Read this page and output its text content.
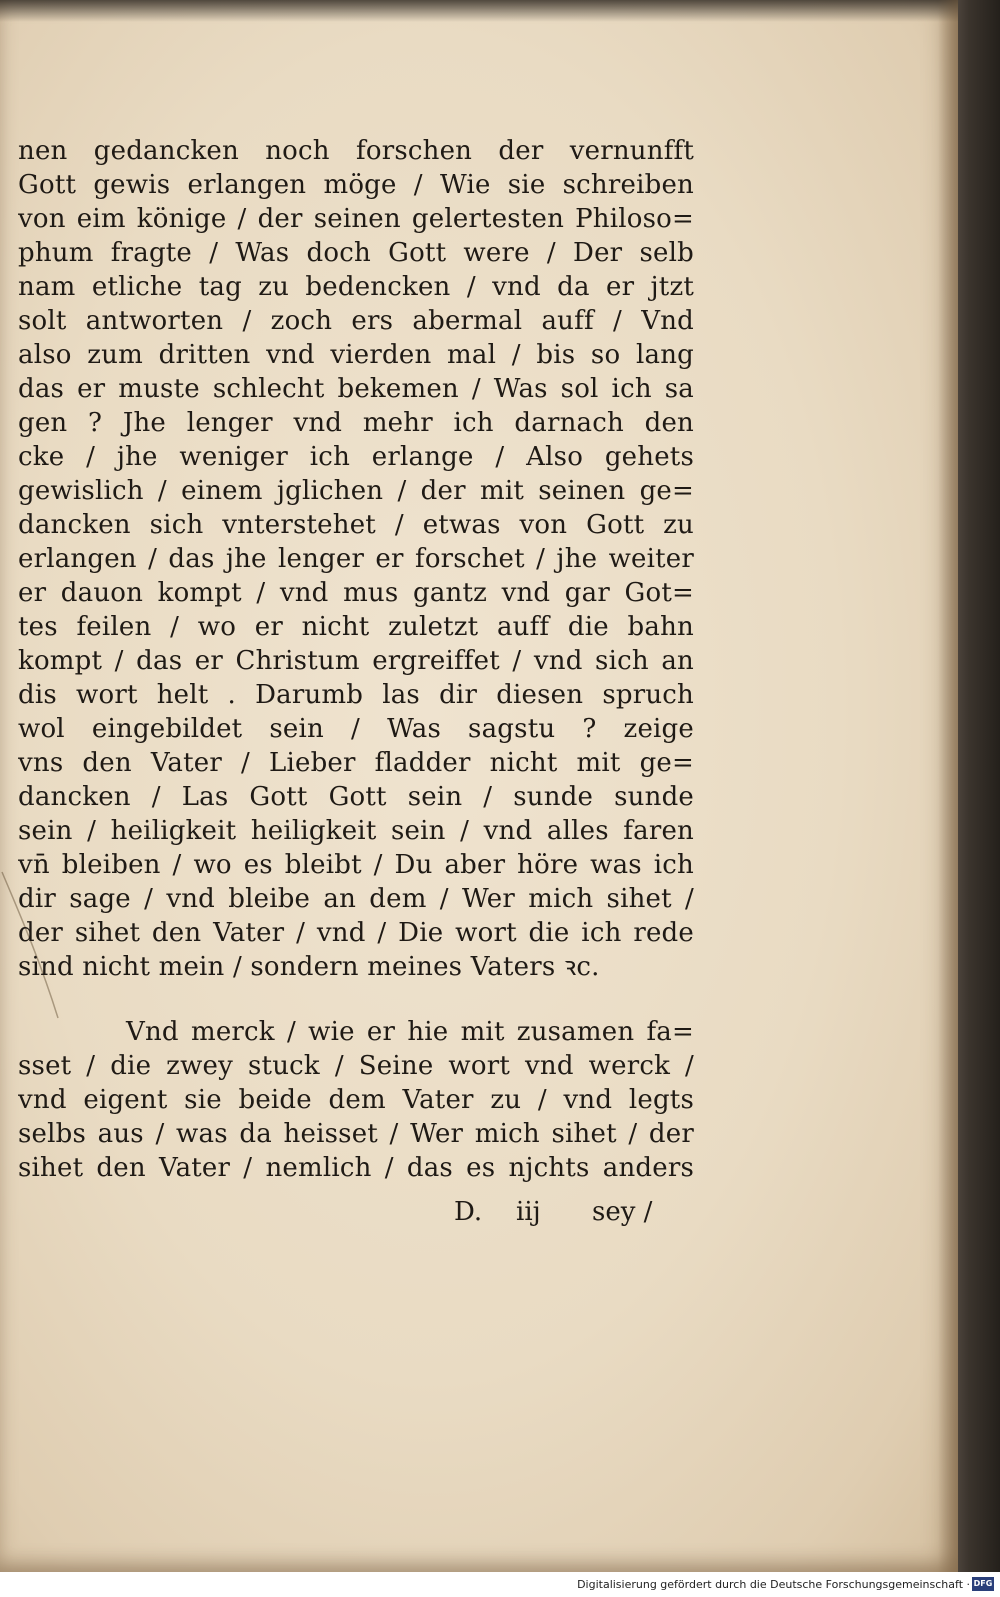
nen gedancken noch forschen der vernunfft
Gott gewis erlangen möge / Wie sie schreiben
von eim könige / der seinen gelertesten Philoso=
phum fragte / Was doch Gott were / Der selb
nam etliche tag zu bedencken / vnd da er jtzt
solt antworten / zoch ers abermal auff / Vnd
also zum dritten vnd vierden mal / bis so lang
das er muste schlecht bekemen / Was sol ich sa
gen ? Jhe lenger vnd mehr ich darnach den
cke / jhe weniger ich erlange / Also gehets
gewislich / einem jglichen / der mit seinen ge=
dancken sich vnterstehet / etwas von Gott zu
erlangen / das jhe lenger er forschet / jhe weiter
er dauon kompt / vnd mus gantz vnd gar Got=
tes feilen / wo er nicht zuletzt auff die bahn
kompt / das er Christum ergreiffet / vnd sich an
dis wort helt . Darumb las dir diesen spruch
wol eingebildet sein / Was sagstu ? zeige
vns den Vater / Lieber fladder nicht mit ge=
dancken / Las Gott Gott sein / sunde sunde
sein / heiligkeit heiligkeit sein / vnd alles faren
vn̄ bleiben / wo es bleibt / Du aber höre was ich
dir sage / vnd bleibe an dem / Wer mich sihet /
der sihet den Vater / vnd / Die wort die ich rede
sind nicht mein / sondern meines Vaters ꝛc.
Vnd merck / wie er hie mit zusamen fa=
sset / die zwey stuck / Seine wort vnd werck /
vnd eigent sie beide dem Vater zu / vnd legts
selbs aus / was da heisset / Wer mich sihet / der
sihet den Vater / nemlich / das es njchts anders
D. iij sey /
Digitalisierung gefördert durch die Deutsche Forschungsgemeinschaft · DFG
